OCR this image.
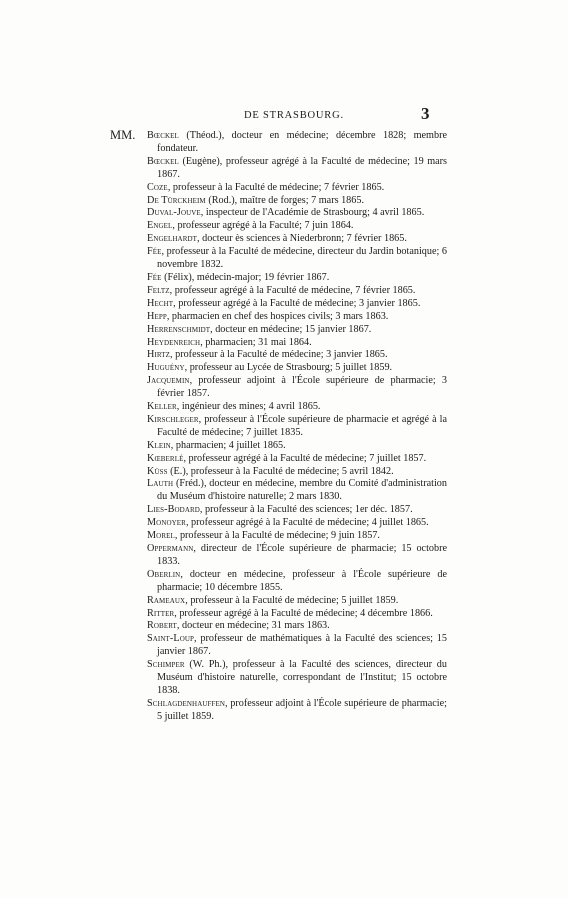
DE STRASBOURG.	3
MM. Bœckel (Théod.), docteur en médecine; décembre 1828; membre fondateur.
Bœckel (Eugène), professeur agrégé à la Faculté de médecine; 19 mars 1867.
Coze, professeur à la Faculté de médecine; 7 février 1865.
De Türckheim (Rod.), maître de forges; 7 mars 1865.
Duval-Jouve, inspecteur de l'Académie de Strasbourg; 4 avril 1865.
Engel, professeur agrégé à la Faculté; 7 juin 1864.
Engelhardt, docteur ès sciences à Niederbronn; 7 février 1865.
Fée, professeur à la Faculté de médecine, directeur du Jardin botanique; 6 novembre 1832.
Fée (Félix), médecin-major; 19 février 1867.
Feltz, professeur agrégé à la Faculté de médecine, 7 février 1865.
Hecht, professeur agrégé à la Faculté de médecine; 3 janvier 1865.
Hepp, pharmacien en chef des hospices civils; 3 mars 1863.
Herrenschmidt, docteur en médecine; 15 janvier 1867.
Heydenreich, pharmacien; 31 mai 1864.
Hirtz, professeur à la Faculté de médecine; 3 janvier 1865.
Huguény, professeur au Lycée de Strasbourg; 5 juillet 1859.
Jacquemin, professeur adjoint à l'École supérieure de pharmacie; 3 février 1857.
Keller, ingénieur des mines; 4 avril 1865.
Kirschleger, professeur à l'École supérieure de pharmacie et agrégé à la Faculté de médecine; 7 juillet 1835.
Klein, pharmacien; 4 juillet 1865.
Kœberlé, professeur agrégé à la Faculté de médecine; 7 juillet 1857.
Küss (E.), professeur à la Faculté de médecine; 5 avril 1842.
Lauth (Fréd.), docteur en médecine, membre du Comité d'administration du Muséum d'histoire naturelle; 2 mars 1830.
Lies-Bodard, professeur à la Faculté des sciences; 1er déc. 1857.
Monoyer, professeur agrégé à la Faculté de médecine; 4 juillet 1865.
Morel, professeur à la Faculté de médecine; 9 juin 1857.
Oppermann, directeur de l'École supérieure de pharmacie; 15 octobre 1833.
Oberlin, docteur en médecine, professeur à l'École supérieure de pharmacie; 10 décembre 1855.
Rameaux, professeur à la Faculté de médecine; 5 juillet 1859.
Ritter, professeur agrégé à la Faculté de médecine; 4 décembre 1866.
Robert, docteur en médecine; 31 mars 1863.
Saint-Loup, professeur de mathématiques à la Faculté des sciences; 15 janvier 1867.
Schimper (W. Ph.), professeur à la Faculté des sciences, directeur du Muséum d'histoire naturelle, correspondant de l'Institut; 15 octobre 1838.
Schlagdenhauffen, professeur adjoint à l'École supérieure de pharmacie; 5 juillet 1859.
